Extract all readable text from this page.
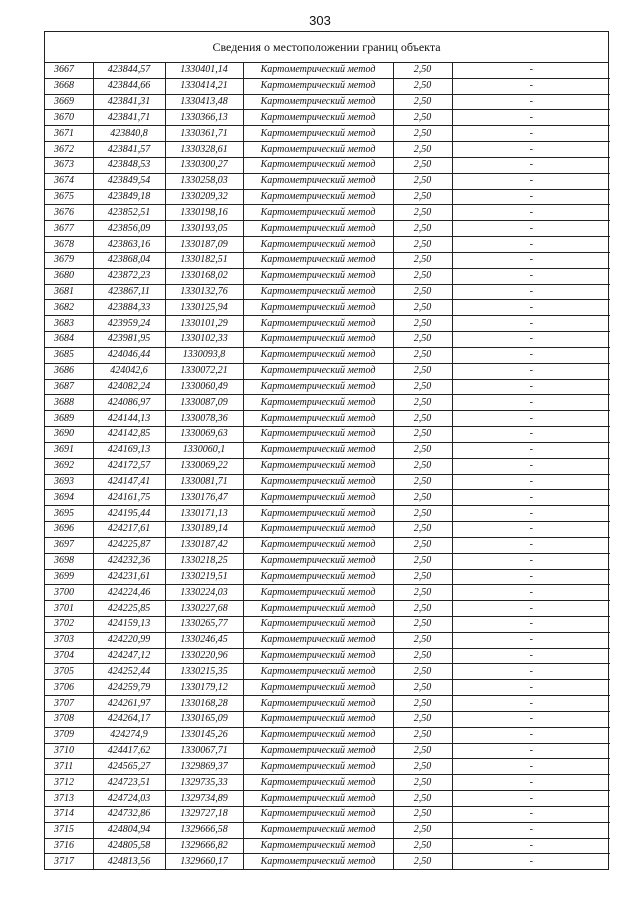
303
Сведения о местоположении границ объекта
3667	423844,57	1330401,14	Картометрический метод	2,50	-
3668	423844,66	1330414,21	Картометрический метод	2,50	-
3669	423841,31	1330413,48	Картометрический метод	2,50	-
3670	423841,71	1330366,13	Картометрический метод	2,50	-
3671	423840,8	1330361,71	Картометрический метод	2,50	-
3672	423841,57	1330328,61	Картометрический метод	2,50	-
3673	423848,53	1330300,27	Картометрический метод	2,50	-
3674	423849,54	1330258,03	Картометрический метод	2,50	-
3675	423849,18	1330209,32	Картометрический метод	2,50	-
3676	423852,51	1330198,16	Картометрический метод	2,50	-
3677	423856,09	1330193,05	Картометрический метод	2,50	-
3678	423863,16	1330187,09	Картометрический метод	2,50	-
3679	423868,04	1330182,51	Картометрический метод	2,50	-
3680	423872,23	1330168,02	Картометрический метод	2,50	-
3681	423867,11	1330132,76	Картометрический метод	2,50	-
3682	423884,33	1330125,94	Картометрический метод	2,50	-
3683	423959,24	1330101,29	Картометрический метод	2,50	-
3684	423981,95	1330102,33	Картометрический метод	2,50	-
3685	424046,44	1330093,8	Картометрический метод	2,50	-
3686	424042,6	1330072,21	Картометрический метод	2,50	-
3687	424082,24	1330060,49	Картометрический метод	2,50	-
3688	424086,97	1330087,09	Картометрический метод	2,50	-
3689	424144,13	1330078,36	Картометрический метод	2,50	-
3690	424142,85	1330069,63	Картометрический метод	2,50	-
3691	424169,13	1330060,1	Картометрический метод	2,50	-
3692	424172,57	1330069,22	Картометрический метод	2,50	-
3693	424147,41	1330081,71	Картометрический метод	2,50	-
3694	424161,75	1330176,47	Картометрический метод	2,50	-
3695	424195,44	1330171,13	Картометрический метод	2,50	-
3696	424217,61	1330189,14	Картометрический метод	2,50	-
3697	424225,87	1330187,42	Картометрический метод	2,50	-
3698	424232,36	1330218,25	Картометрический метод	2,50	-
3699	424231,61	1330219,51	Картометрический метод	2,50	-
3700	424224,46	1330224,03	Картометрический метод	2,50	-
3701	424225,85	1330227,68	Картометрический метод	2,50	-
3702	424159,13	1330265,77	Картометрический метод	2,50	-
3703	424220,99	1330246,45	Картометрический метод	2,50	-
3704	424247,12	1330220,96	Картометрический метод	2,50	-
3705	424252,44	1330215,35	Картометрический метод	2,50	-
3706	424259,79	1330179,12	Картометрический метод	2,50	-
3707	424261,97	1330168,28	Картометрический метод	2,50	-
3708	424264,17	1330165,09	Картометрический метод	2,50	-
3709	424274,9	1330145,26	Картометрический метод	2,50	-
3710	424417,62	1330067,71	Картометрический метод	2,50	-
3711	424565,27	1329869,37	Картометрический метод	2,50	-
3712	424723,51	1329735,33	Картометрический метод	2,50	-
3713	424724,03	1329734,89	Картометрический метод	2,50	-
3714	424732,86	1329727,18	Картометрический метод	2,50	-
3715	424804,94	1329666,58	Картометрический метод	2,50	-
3716	424805,58	1329666,82	Картометрический метод	2,50	-
3717	424813,56	1329660,17	Картометрический метод	2,50	-
